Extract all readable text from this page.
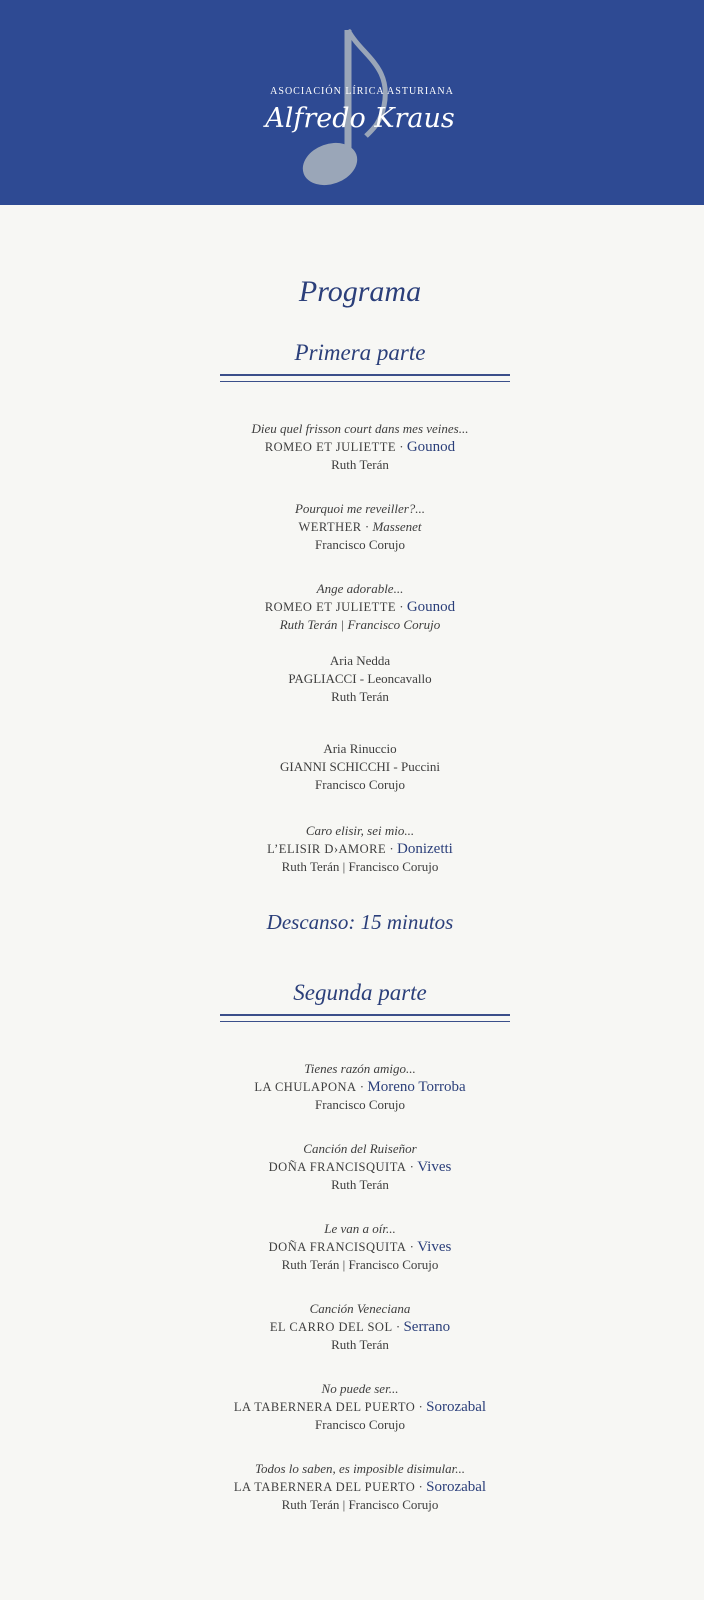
ASOCIACIÓN LÍRICA ASTURIANA
Alfredo Kraus
Programa
Primera parte
Dieu quel frisson court dans mes veines...
ROMEO ET JULIETTE · Gounod
Ruth Terán
Pourquoi me reveiller?...
WERTHER · Massenet
Francisco Corujo
Ange adorable...
ROMEO ET JULIETTE · Gounod
Ruth Terán | Francisco Corujo
Aria Nedda
PAGLIACCI - Leoncavallo
Ruth Terán
Aria Rinuccio
GIANNI SCHICCHI - Puccini
Francisco Corujo
Caro elisir, sei mio...
L’ELISIR D›AMORE · Donizetti
Ruth Terán | Francisco Corujo
Descanso: 15 minutos
Segunda parte
Tienes razón amigo...
LA CHULAPONA · Moreno Torroba
Francisco Corujo
Canción del Ruiseñor
DOÑA FRANCISQUITA · Vives
Ruth Terán
Le van a oír...
DOÑA FRANCISQUITA · Vives
Ruth Terán | Francisco Corujo
Canción Veneciana
EL CARRO DEL SOL · Serrano
Ruth Terán
No puede ser...
LA TABERNERA DEL PUERTO · Sorozabal
Francisco Corujo
Todos lo saben, es imposible disimular...
LA TABERNERA DEL PUERTO · Sorozabal
Ruth Terán | Francisco Corujo
